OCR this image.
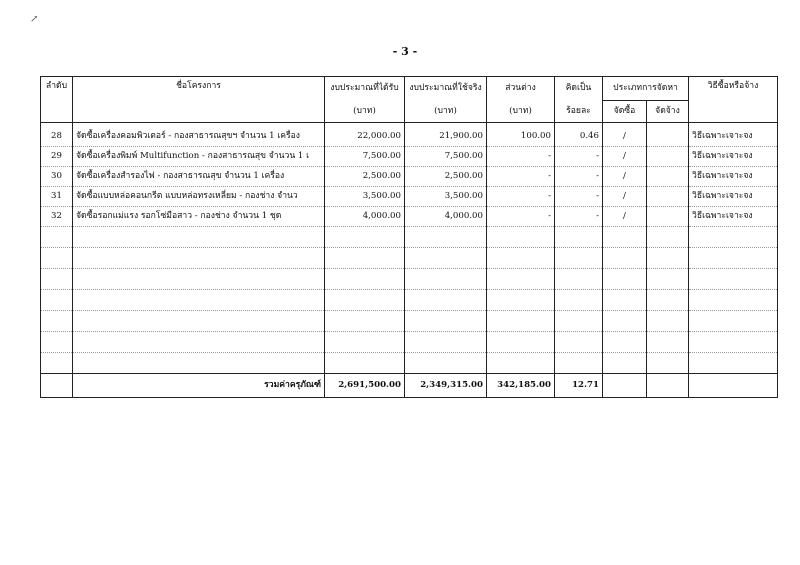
↗
- 3 -
ลำดับ	ชื่อโครงการ	งบประมาณที่ได้รับ	งบประมาณที่ใช้จริง	ส่วนต่าง	คิดเป็น	ประเภทการจัดหา		วิธีซื้อหรือจ้าง
		(บาท)	(บาท)	(บาท)	ร้อยละ	จัดซื้อ	จัดจ้าง	

28	จัดซื้อเครื่องคอมพิวเตอร์ - กองสาธารณสุขฯ จำนวน 1 เครื่อง	22,000.00	21,900.00	100.00	0.46	/		วิธีเฉพาะเจาะจง
29	จัดซื้อเครื่องพิมพ์ Multifunction - กองสาธารณสุข จำนวน 1 เ	7,500.00	7,500.00	-	-	/		วิธีเฉพาะเจาะจง
30	จัดซื้อเครื่องสำรองไฟ - กองสาธารณสุข จำนวน 1 เครื่อง	2,500.00	2,500.00	-	-	/		วิธีเฉพาะเจาะจง
31	จัดซื้อแบบหล่อคอนกรีต แบบหล่อทรงเหลี่ยม - กองช่าง จำนว	3,500.00	3,500.00	-	-	/		วิธีเฉพาะเจาะจง
32	จัดซื้อรอกแม่แรง รอกโซ่มือสาว - กองช่าง จำนวน 1 ชุด	4,000.00	4,000.00	-	-	/		วิธีเฉพาะเจาะจง

	รวมค่าครุภัณฑ์	2,691,500.00	2,349,315.00	342,185.00	12.71			
